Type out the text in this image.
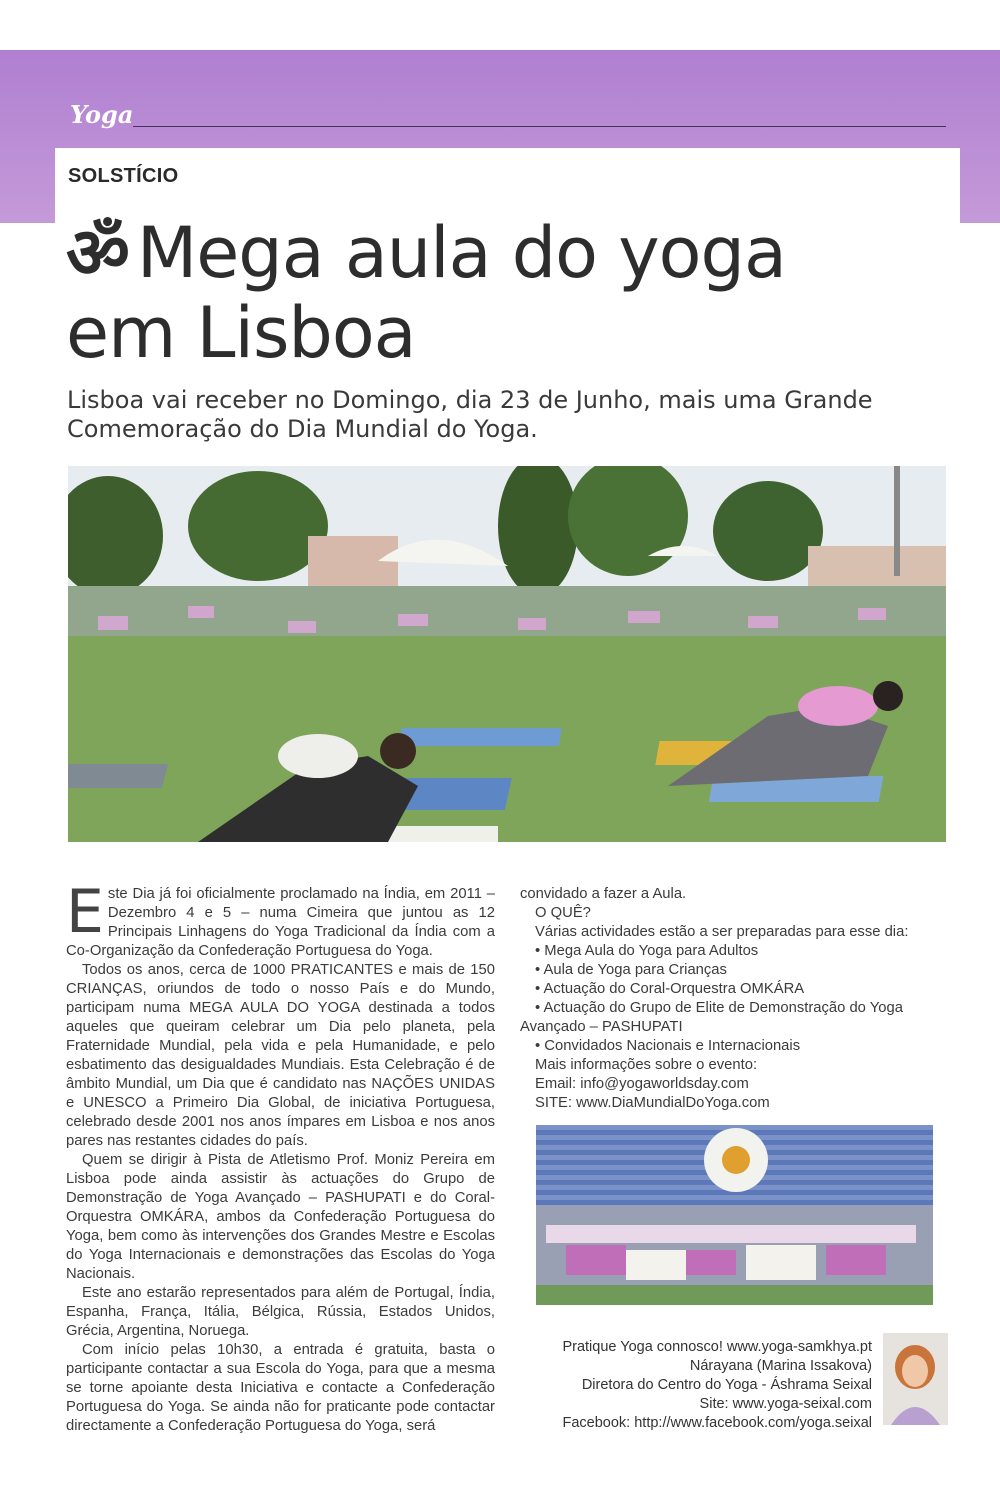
Yoga
SOLSTÍCIO
ॐ Mega aula do yoga
em Lisboa

Lisboa vai receber no Domingo, dia 23 de Junho, mais uma Grande Comemoração do Dia Mundial do Yoga.

Este Dia já foi oficialmente proclamado na Índia, em 2011 – Dezembro 4 e 5 – numa Cimeira que juntou as 12 Principais Linhagens do Yoga Tradicional da Índia com a Co-Organização da Confederação Portuguesa do Yoga.

Todos os anos, cerca de 1000 PRATICANTES e mais de 150 CRIANÇAS, oriundos de todo o nosso País e do Mundo, participam numa MEGA AULA DO YOGA destinada a todos aqueles que queiram celebrar um Dia pelo planeta, pela Fraternidade Mundial, pela vida e pela Humanidade, e pelo esbatimento das desigualdades Mundiais. Esta Celebração é de âmbito Mundial, um Dia que é candidato nas NAÇÕES UNIDAS e UNESCO a Primeiro Dia Global, de iniciativa Portuguesa, celebrado desde 2001 nos anos ímpares em Lisboa e nos anos pares nas restantes cidades do país.

Quem se dirigir à Pista de Atletismo Prof. Moniz Pereira em Lisboa pode ainda assistir às actuações do Grupo de Demonstração de Yoga Avançado – PASHUPATI e do Coral-Orquestra OMKÁRA, ambos da Confederação Portuguesa do Yoga, bem como às intervenções dos Grandes Mestre e Escolas do Yoga Internacionais e demonstrações das Escolas do Yoga Nacionais.

Este ano estarão representados para além de Portugal, Índia, Espanha, França, Itália, Bélgica, Rússia, Estados Unidos, Grécia, Argentina, Noruega.

Com início pelas 10h30, a entrada é gratuita, basta o participante contactar a sua Escola do Yoga, para que a mesma se torne apoiante desta Iniciativa e contacte a Confederação Portuguesa do Yoga. Se ainda não for praticante pode contactar directamente a Confederação Portuguesa do Yoga, será

convidado a fazer a Aula.
O QUÊ?
Várias actividades estão a ser preparadas para esse dia:
• Mega Aula do Yoga para Adultos
• Aula de Yoga para Crianças
• Actuação do Coral-Orquestra OMKÁRA
• Actuação do Grupo de Elite de Demonstração do Yoga
Avançado – PASHUPATI
• Convidados Nacionais e Internacionais
Mais informações sobre o evento:
Email: info@yogaworldsday.com
SITE: www.DiaMundialDoYoga.com
Pratique Yoga connosco! www.yoga-samkhya.pt
Nárayana (Marina Issakova)
Diretora do Centro do Yoga - Áshrama Seixal
Site: www.yoga-seixal.com
Facebook: http://www.facebook.com/yoga.seixal
